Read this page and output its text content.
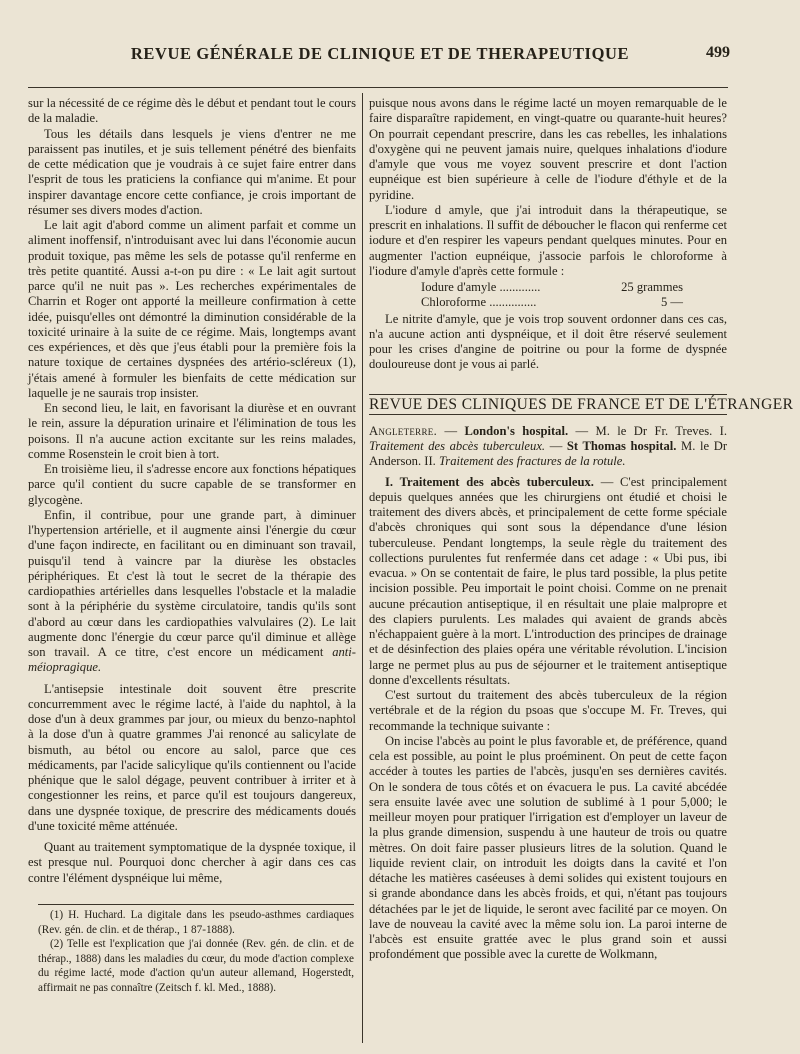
REVUE GÉNÉRALE DE CLINIQUE ET DE THERAPEUTIQUE	499

sur la nécessité de ce régime dès le début et pendant tout le cours de la maladie.

Tous les détails dans lesquels je viens d'entrer ne me paraissent pas inutiles, et je suis tellement pénétré des bienfaits de cette médication que je voudrais à ce sujet faire entrer dans l'esprit de tous les praticiens la confiance qui m'anime. Et pour inspirer davantage encore cette confiance, je crois important de résumer ses divers modes d'action.

Le lait agit d'abord comme un aliment parfait et comme un aliment inoffensif, n'introduisant avec lui dans l'économie aucun produit toxique, pas même les sels de potasse qu'il renferme en très petite quantité. Aussi a-t-on pu dire : « Le lait agit surtout parce qu'il ne nuit pas ». Les recherches expérimentales de Charrin et Roger ont apporté la meilleure confirmation à cette idée, puisqu'elles ont démontré la diminution considérable de la toxicité urinaire à la suite de ce régime. Mais, longtemps avant ces expériences, et dès que j'eus établi pour la première fois la nature toxique de certaines dyspnées des artério-scléreux (1), j'étais amené à formuler les bienfaits de cette médication sur laquelle je ne saurais trop insister.

En second lieu, le lait, en favorisant la diurèse et en ouvrant le rein, assure la dépuration urinaire et l'élimination de tous les poisons. Il n'a aucune action excitante sur les reins malades, comme Rosenstein le croit bien à tort.

En troisième lieu, il s'adresse encore aux fonctions hépatiques parce qu'il contient du sucre capable de se transformer en glycogène.

Enfin, il contribue, pour une grande part, à diminuer l'hypertension artérielle, et il augmente ainsi l'énergie du cœur d'une façon indirecte, en facilitant ou en diminuant son travail, puisqu'il tend à vaincre par la diurèse les obstacles périphériques. Et c'est là tout le secret de la thérapie des cardiopathies artérielles dans lesquelles l'obstacle et la maladie sont à la périphérie du système circulatoire, tandis qu'ils sont d'abord au cœur dans les cardiopathies valvulaires (2). Le lait augmente donc l'énergie du cœur parce qu'il diminue et allège son travail. A ce titre, c'est encore un médicament anti-méiopragique.

L'antisepsie intestinale doit souvent être prescrite concurremment avec le régime lacté, à l'aide du naphtol, à la dose d'un à deux grammes par jour, ou mieux du benzo-naphtol à la dose d'un à quatre grammes J'ai renoncé au salicylate de bismuth, au bétol ou encore au salol, parce que ces médicaments, par l'acide salicylique qu'ils contiennent ou l'acide phénique que le salol dégage, peuvent contribuer à irriter et à congestionner les reins, et parce qu'il est toujours dangereux, dans une dyspnée toxique, de prescrire des médicaments doués d'une toxicité même atténuée.

Quant au traitement symptomatique de la dyspnée toxique, il est presque nul. Pourquoi donc chercher à agir dans ces cas contre l'élément dyspnéique lui même,

(1) H. Huchard. La digitale dans les pseudo-asthmes cardiaques (Rev. gén. de clin. et de thérap., 1 87-1888).

(2) Telle est l'explication que j'ai donnée (Rev. gén. de clin. et de thérap., 1888) dans les maladies du cœur, du mode d'action complexe du régime lacté, mode d'action qu'un auteur allemand, Hogerstedt, affirmait ne pas connaître (Zeitsch f. kl. Med., 1888).

puisque nous avons dans le régime lacté un moyen remarquable de le faire disparaître rapidement, en vingt-quatre ou quarante-huit heures? On pourrait cependant prescrire, dans les cas rebelles, les inhalations d'oxygène qui ne peuvent jamais nuire, quelques inhalations d'iodure d'amyle que vous me voyez souvent prescrire et dont l'action eupnéique est bien supérieure à celle de l'iodure d'éthyle et de la pyridine.

L'iodure d amyle, que j'ai introduit dans la thérapeutique, se prescrit en inhalations. Il suffit de déboucher le flacon qui renferme cet iodure et d'en respirer les vapeurs pendant quelques minutes. Pour en augmenter l'action eupnéique, j'associe parfois le chloroforme à l'iodure d'amyle d'après cette formule :

Iodure d'amyle .............	25 grammes
Chloroforme ...............	5 —

Le nitrite d'amyle, que je vois trop souvent ordonner dans ces cas, n'a aucune action anti dyspnéique, et il doit être réservé seulement pour les crises d'angine de poitrine ou pour la forme de dyspnée douloureuse dont je vous ai parlé.

REVUE DES CLINIQUES DE FRANCE ET DE L'ÉTRANGER

Angleterre. — London's hospital. — M. le Dr Fr. Treves. I. Traitement des abcès tuberculeux. — St Thomas hospital. M. le Dr Anderson. II. Traitement des fractures de la rotule.

I. Traitement des abcès tuberculeux. — C'est principalement depuis quelques années que les chirurgiens ont étudié et choisi le traitement des divers abcès, et principalement de cette forme spéciale d'abcès chroniques qui sont sous la dépendance d'une lésion tuberculeuse. Pendant longtemps, la seule règle du traitement des collections purulentes fut renfermée dans cet adage : « Ubi pus, ibi evacua. » On se contentait de faire, le plus tard possible, la plus petite incision possible. Peu importait le point choisi. Comme on ne prenait aucune précaution antiseptique, il en résultait une plaie malpropre et des clapiers purulents. Les malades qui avaient de grands abcès n'échappaient guère à la mort. L'introduction des principes de drainage et de désinfection des plaies opéra une véritable révolution. L'incision large ne permet plus au pus de séjourner et le traitement antiseptique donne d'excellents résultats.

C'est surtout du traitement des abcès tuberculeux de la région vertébrale et de la région du psoas que s'occupe M. Fr. Treves, qui recommande la technique suivante :

On incise l'abcès au point le plus favorable et, de préférence, quand cela est possible, au point le plus proéminent. On peut de cette façon accéder à toutes les parties de l'abcès, jusqu'en ses dernières cavités. On le sondera de tous côtés et on évacuera le pus. La cavité abcédée sera ensuite lavée avec une solution de sublimé à 1 pour 5,000; le meilleur moyen pour pratiquer l'irrigation est d'employer un laveur de la plus grande dimension, suspendu à une hauteur de trois ou quatre mètres. On doit faire passer plusieurs litres de la solution. Quand le liquide revient clair, on introduit les doigts dans la cavité et l'on détache les matières caséeuses à demi solides qui existent toujours en si grande abondance dans les abcès froids, et qui, n'étant pas toujours détachées par le jet de liquide, le seront avec facilité par ce moyen. On lave de nouveau la cavité avec la même solu ion. La paroi interne de l'abcès est ensuite grattée avec le plus grand soin et aussi profondément que possible avec la curette de Wolkmann,
